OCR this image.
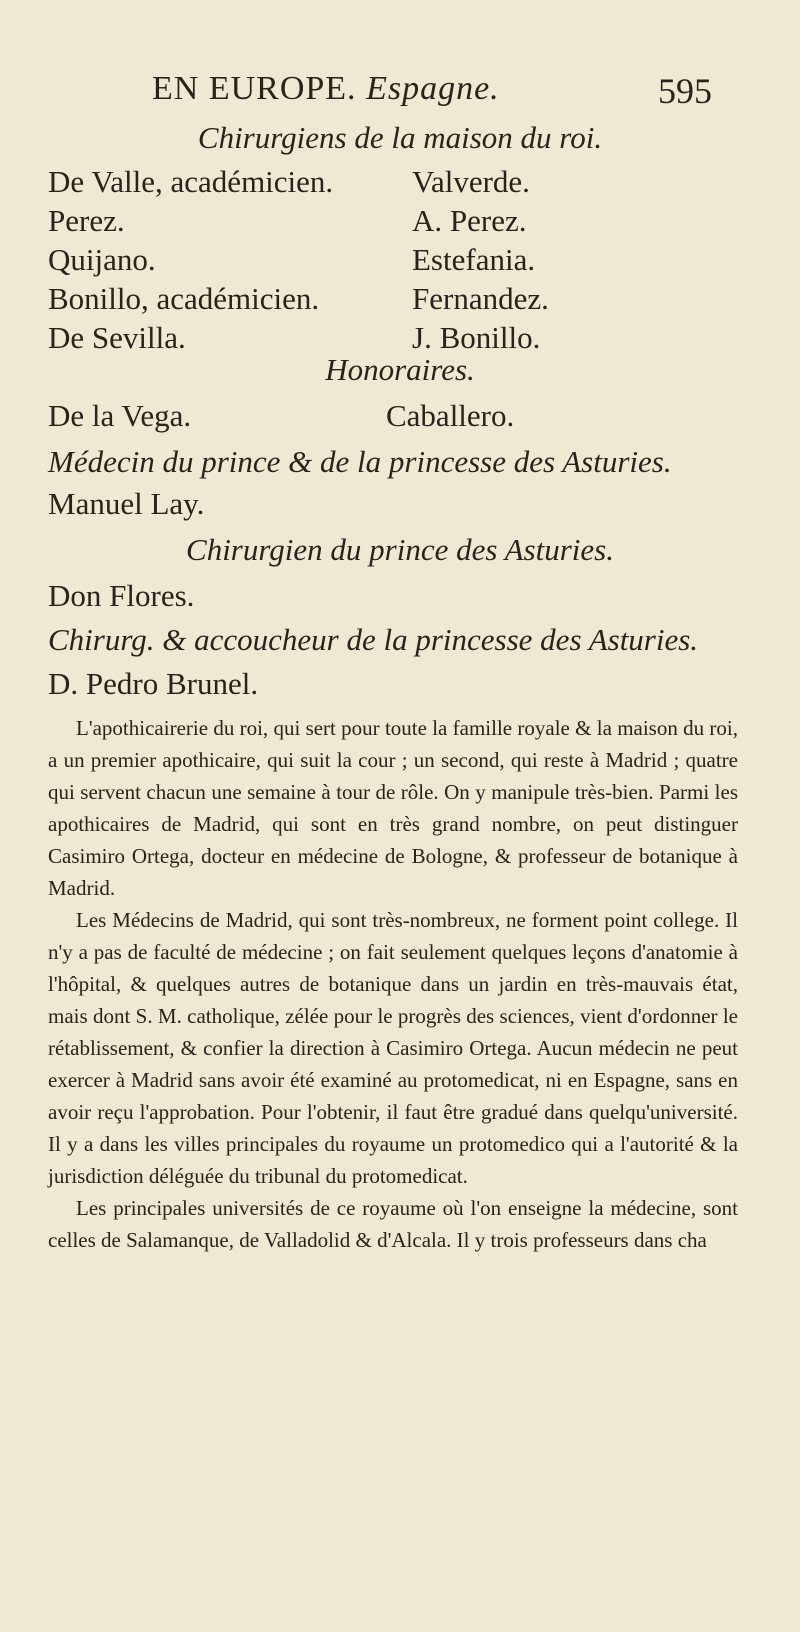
EN EUROPE. Espagne.	595
Chirurgiens de la maison du roi.
De Valle, académicien.
Perez.
Quijano.
Bonillo, académicien.
De Sevilla.
Valverde.
A. Perez.
Estefania.
Fernandez.
J. Bonillo.
Honoraires.
De la Vega.	Caballero.
Médecin du prince & de la princesse des Asturies.
Manuel Lay.
Chirurgien du prince des Asturies.
Don Flores.
Chirurg. & accoucheur de la princesse des Asturies.
D. Pedro Brunel.

L'apothicairerie du roi, qui sert pour toute la famille royale & la maison du roi, a un premier apothicaire, qui suit la cour ; un second, qui reste à Madrid ; quatre qui servent chacun une semaine à tour de rôle. On y manipule très-bien. Parmi les apothicaires de Madrid, qui sont en très grand nombre, on peut distinguer Casimiro Ortega, docteur en médecine de Bologne, & professeur de botanique à Madrid.

Les Médecins de Madrid, qui sont très-nombreux, ne forment point college. Il n'y a pas de faculté de médecine ; on fait seulement quelques leçons d'anatomie à l'hôpital, & quelques autres de botanique dans un jardin en très-mauvais état, mais dont S. M. catholique, zélée pour le progrès des sciences, vient d'ordonner le rétablissement, & confier la direction à Casimiro Ortega. Aucun médecin ne peut exercer à Madrid sans avoir été examiné au protomedicat, ni en Espagne, sans en avoir reçu l'approbation. Pour l'obtenir, il faut être gradué dans quelqu'université. Il y a dans les villes principales du royaume un protomedico qui a l'autorité & la jurisdiction déléguée du tribunal du protomedicat.

Les principales universités de ce royaume où l'on enseigne la médecine, sont celles de Salamanque, de Valladolid & d'Alcala. Il y trois professeurs dans cha
